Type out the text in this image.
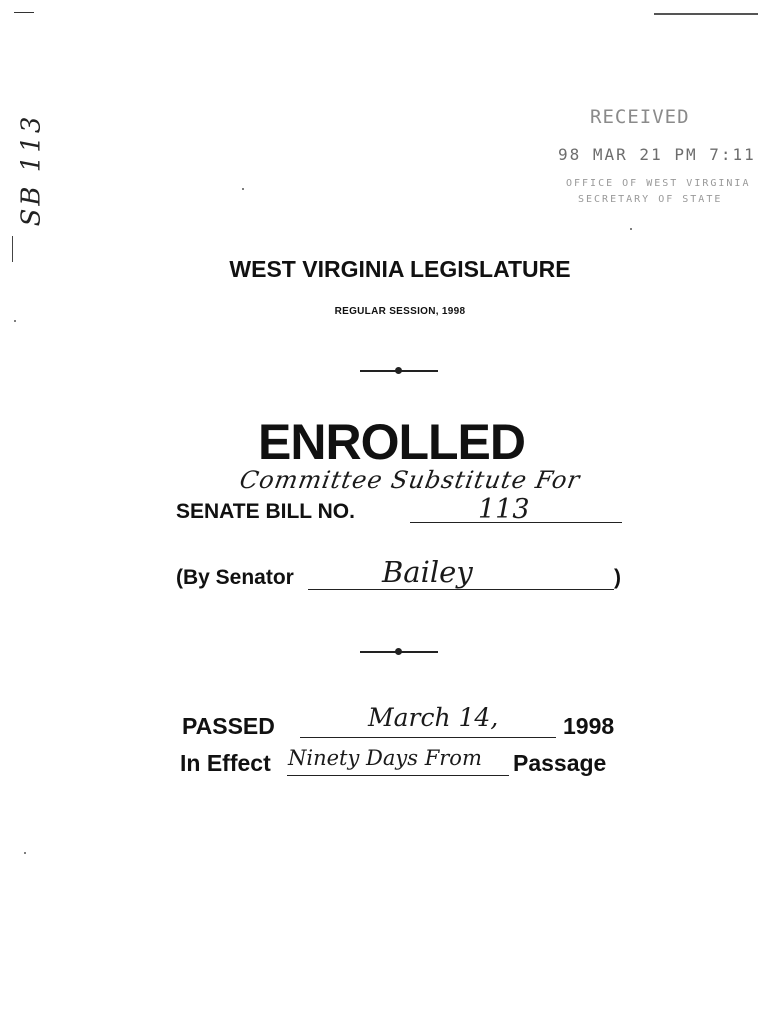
SB 113	RECEIVED
98 MAR 21 PM 7:11
OFFICE OF WEST VIRGINIA
SECRETARY OF STATE
WEST VIRGINIA LEGISLATURE
REGULAR SESSION, 1998
ENROLLED
Committee Substitute For
SENATE BILL NO.	113
(By Senator	Bailey	)
PASSED	March 14,	1998
In Effect Ninety Days From Passage
